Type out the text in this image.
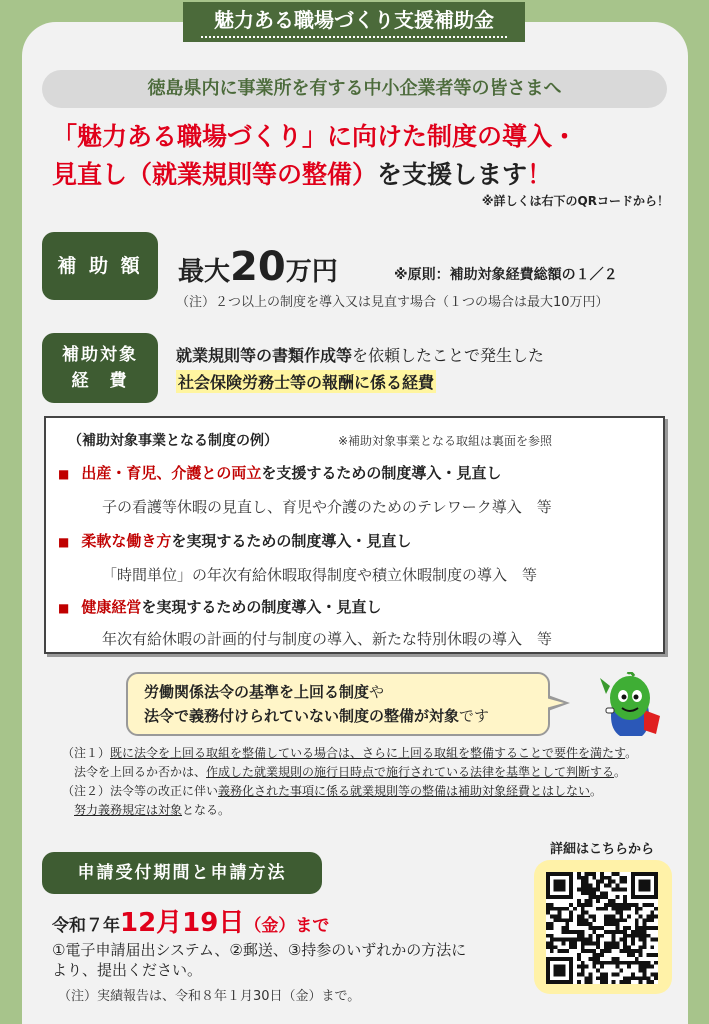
魅力ある職場づくり支援補助金
徳島県内に事業所を有する中小企業者等の皆さまへ
「魅力ある職場づくり」に向けた制度の導入・
見直し（就業規則等の整備）を支援します！
※詳しくは右下のQRコードから！
補 助 額	最大20万円	※原則：補助対象経費総額の１／２
（注）２つ以上の制度を導入又は見直す場合（１つの場合は最大10万円）
補助対象
経　費
就業規則等の書類作成等を依頼したことで発生した
社会保険労務士等の報酬に係る経費
（補助対象事業となる制度の例）	※補助対象事業となる取組は裏面を参照
■ 出産・育児、介護との両立を支援するための制度導入・見直し
子の看護等休暇の見直し、育児や介護のためのテレワーク導入　等
■ 柔軟な働き方を実現するための制度導入・見直し
「時間単位」の年次有給休暇取得制度や積立休暇制度の導入　等
■ 健康経営を実現するための制度導入・見直し
年次有給休暇の計画的付与制度の導入、新たな特別休暇の導入　等
労働関係法令の基準を上回る制度や
法令で義務付けられていない制度の整備が対象です
（注１）既に法令を上回る取組を整備している場合は、さらに上回る取組を整備することで要件を満たす。
法令を上回るか否かは、作成した就業規則の施行日時点で施行されている法律を基準として判断する。
（注２）法令等の改正に伴い義務化された事項に係る就業規則等の整備は補助対象経費とはしない。
努力義務規定は対象となる。
申請受付期間と申請方法
令和７年12月19日（金）まで
①電子申請届出システム、②郵送、③持参のいずれかの方法により、提出ください。
（注）実績報告は、令和８年１月30日（金）まで。
詳細はこちらから
